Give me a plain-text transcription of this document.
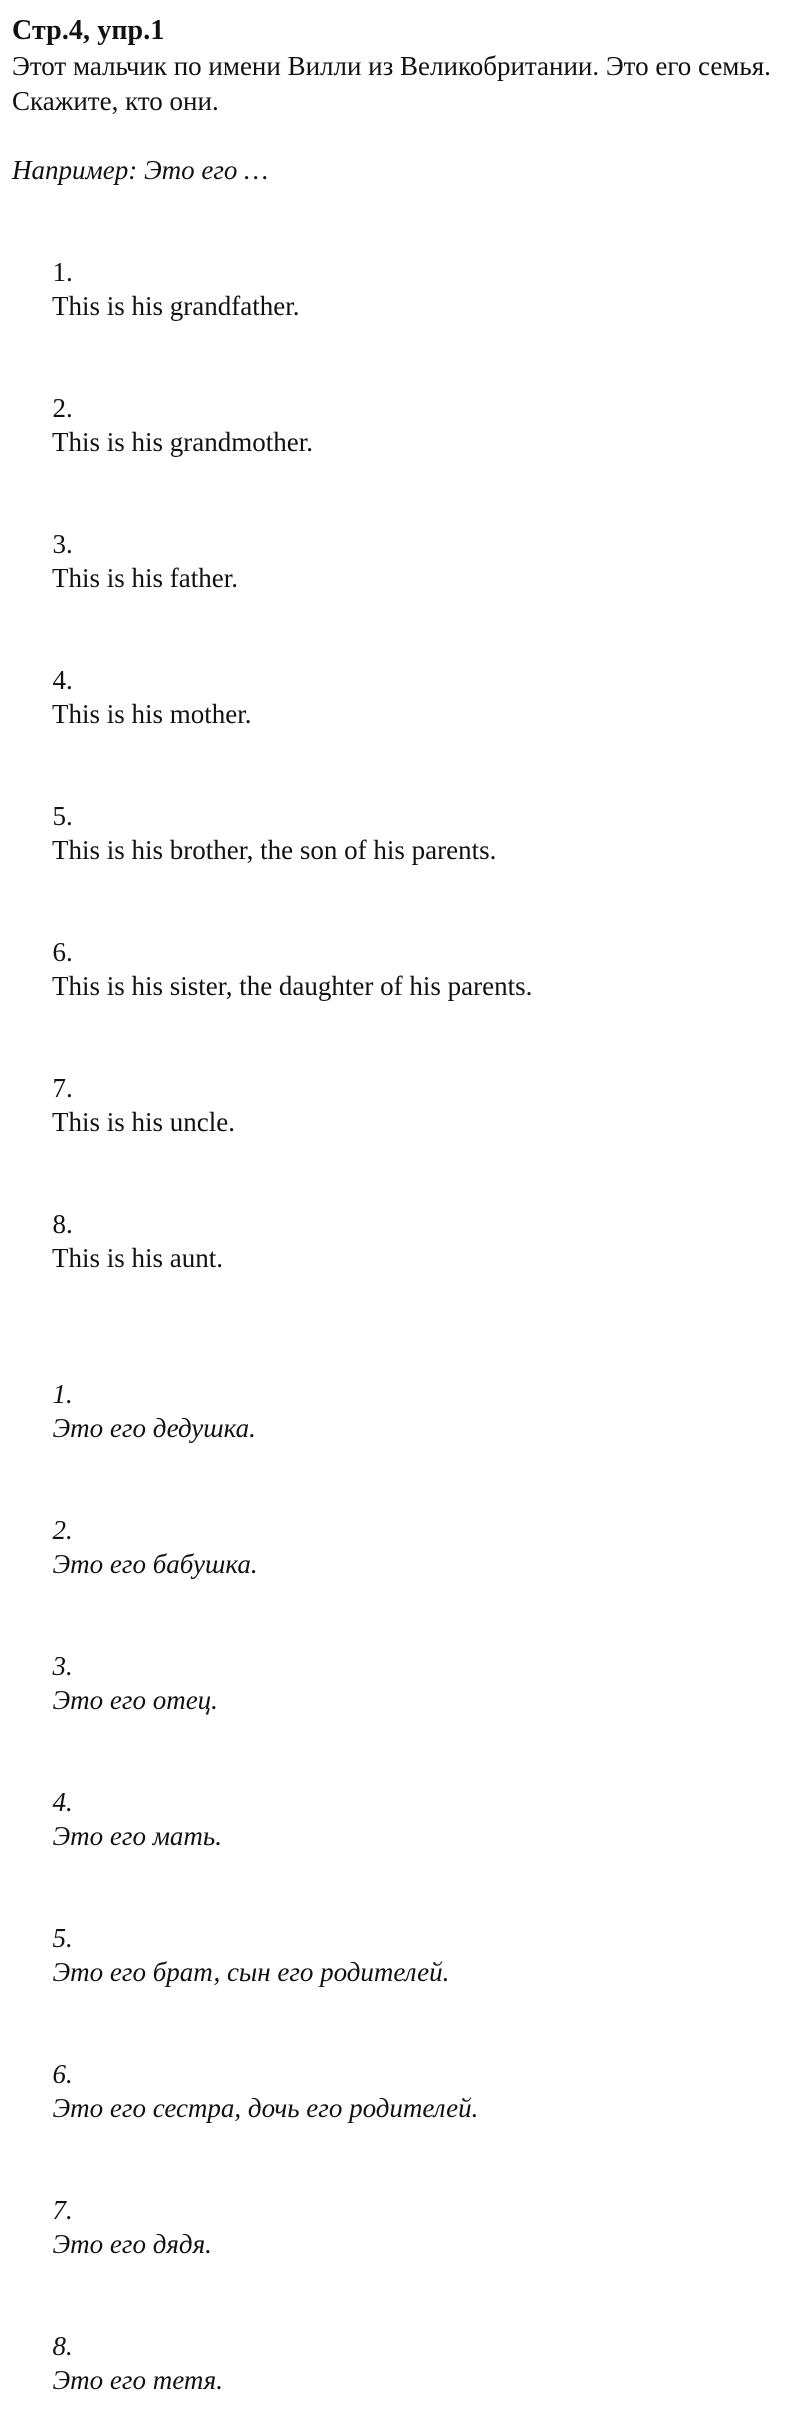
Стр.4, упр.1

Этот мальчик по имени Вилли из Великобритании. Это его семья. Скажите, кто они.

Например: Это его …

1.
This is his grandfather.

2.
This is his grandmother.

3.
This is his father.

4.
This is his mother.

5.
This is his brother, the son of his parents.

6.
This is his sister, the daughter of his parents.

7.
This is his uncle.

8.
This is his aunt.

1.
Это его дедушка.

2.
Это его бабушка.

3.
Это его отец.

4.
Это его мать.

5.
Это его брат, сын его родителей.

6.
Это его сестра, дочь его родителей.

7.
Это его дядя.

8.
Это его тетя.
